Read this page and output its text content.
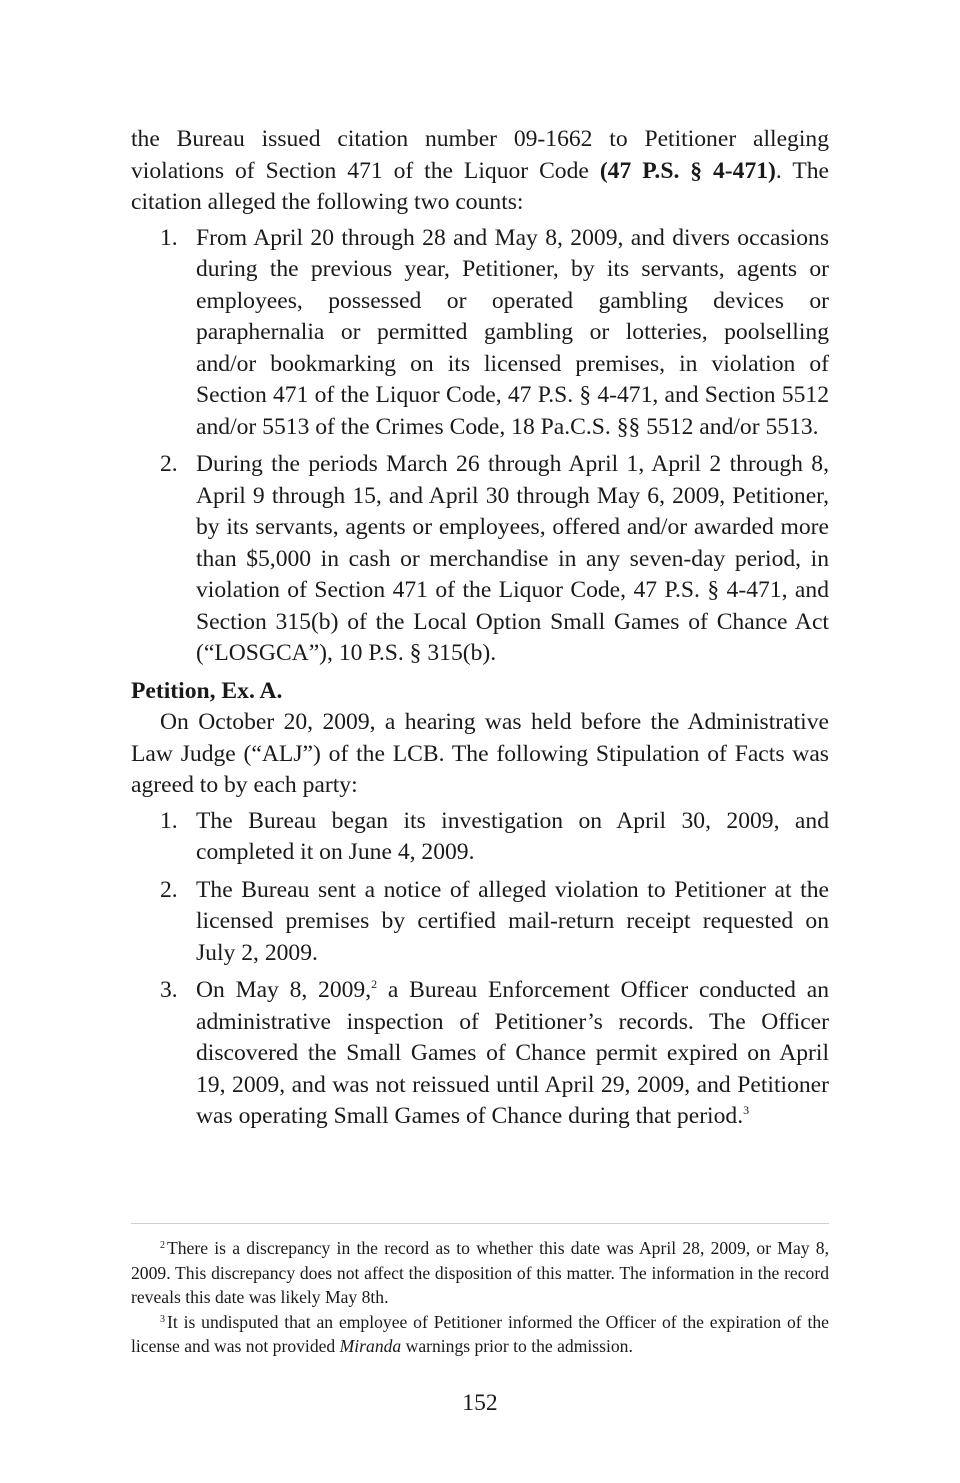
the Bureau issued citation number 09-1662 to Petitioner alleging violations of Section 471 of the Liquor Code (47 P.S. § 4-471). The citation alleged the following two counts:

1. From April 20 through 28 and May 8, 2009, and divers occasions during the previous year, Petitioner, by its servants, agents or employees, possessed or operated gambling devices or paraphernalia or permitted gambling or lotteries, poolselling and/or bookmarking on its licensed premises, in violation of Section 471 of the Liquor Code, 47 P.S. § 4-471, and Section 5512 and/or 5513 of the Crimes Code, 18 Pa.C.S. §§ 5512 and/or 5513.
2. During the periods March 26 through April 1, April 2 through 8, April 9 through 15, and April 30 through May 6, 2009, Petitioner, by its servants, agents or employees, offered and/or awarded more than $5,000 in cash or merchandise in any seven-day period, in violation of Section 471 of the Liquor Code, 47 P.S. § 4-471, and Section 315(b) of the Local Option Small Games of Chance Act (“LOSGCA”), 10 P.S. § 315(b).

Petition, Ex. A.

On October 20, 2009, a hearing was held before the Administrative Law Judge (“ALJ”) of the LCB. The following Stipulation of Facts was agreed to by each party:

1. The Bureau began its investigation on April 30, 2009, and completed it on June 4, 2009.
2. The Bureau sent a notice of alleged violation to Petitioner at the licensed premises by certified mail-return receipt requested on July 2, 2009.
3. On May 8, 2009,$^2$ a Bureau Enforcement Officer conducted an administrative inspection of Petitioner’s records. The Officer discovered the Small Games of Chance permit expired on April 19, 2009, and was not reissued until April 29, 2009, and Petitioner was operating Small Games of Chance during that period.$^3$

$^2$ There is a discrepancy in the record as to whether this date was April 28, 2009, or May 8, 2009. This discrepancy does not affect the disposition of this matter. The information in the record reveals this date was likely May 8th.

$^3$ It is undisputed that an employee of Petitioner informed the Officer of the expiration of the license and was not provided Miranda warnings prior to the admission.

152
